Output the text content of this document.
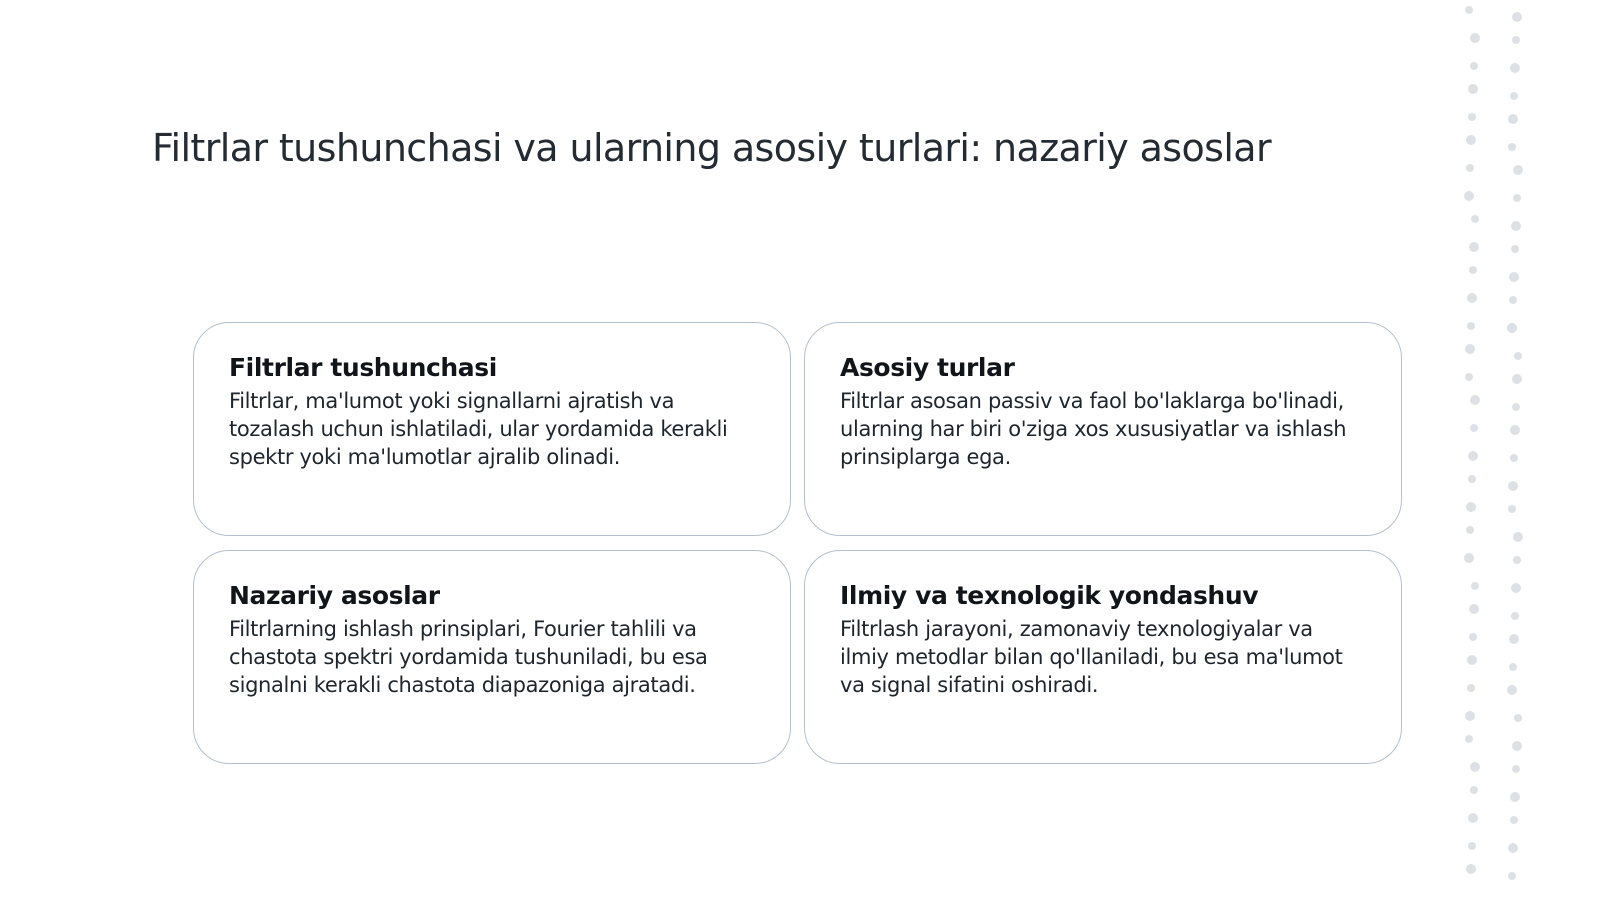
Filtrlar tushunchasi va ularning asosiy turlari: nazariy asoslar
Filtrlar tushunchasi

Filtrlar, ma'lumot yoki signallarni ajratish va tozalash uchun ishlatiladi, ular yordamida kerakli spektr yoki ma'lumotlar ajralib olinadi.

Asosiy turlar

Filtrlar asosan passiv va faol bo'laklarga bo'linadi, ularning har biri o'ziga xos xususiyatlar va ishlash prinsiplarga ega.

Nazariy asoslar

Filtrlarning ishlash prinsiplari, Fourier tahlili va chastota spektri yordamida tushuniladi, bu esa signalni kerakli chastota diapazoniga ajratadi.

Ilmiy va texnologik yondashuv

Filtrlash jarayoni, zamonaviy texnologiyalar va ilmiy metodlar bilan qo'llaniladi, bu esa ma'lumot va signal sifatini oshiradi.
